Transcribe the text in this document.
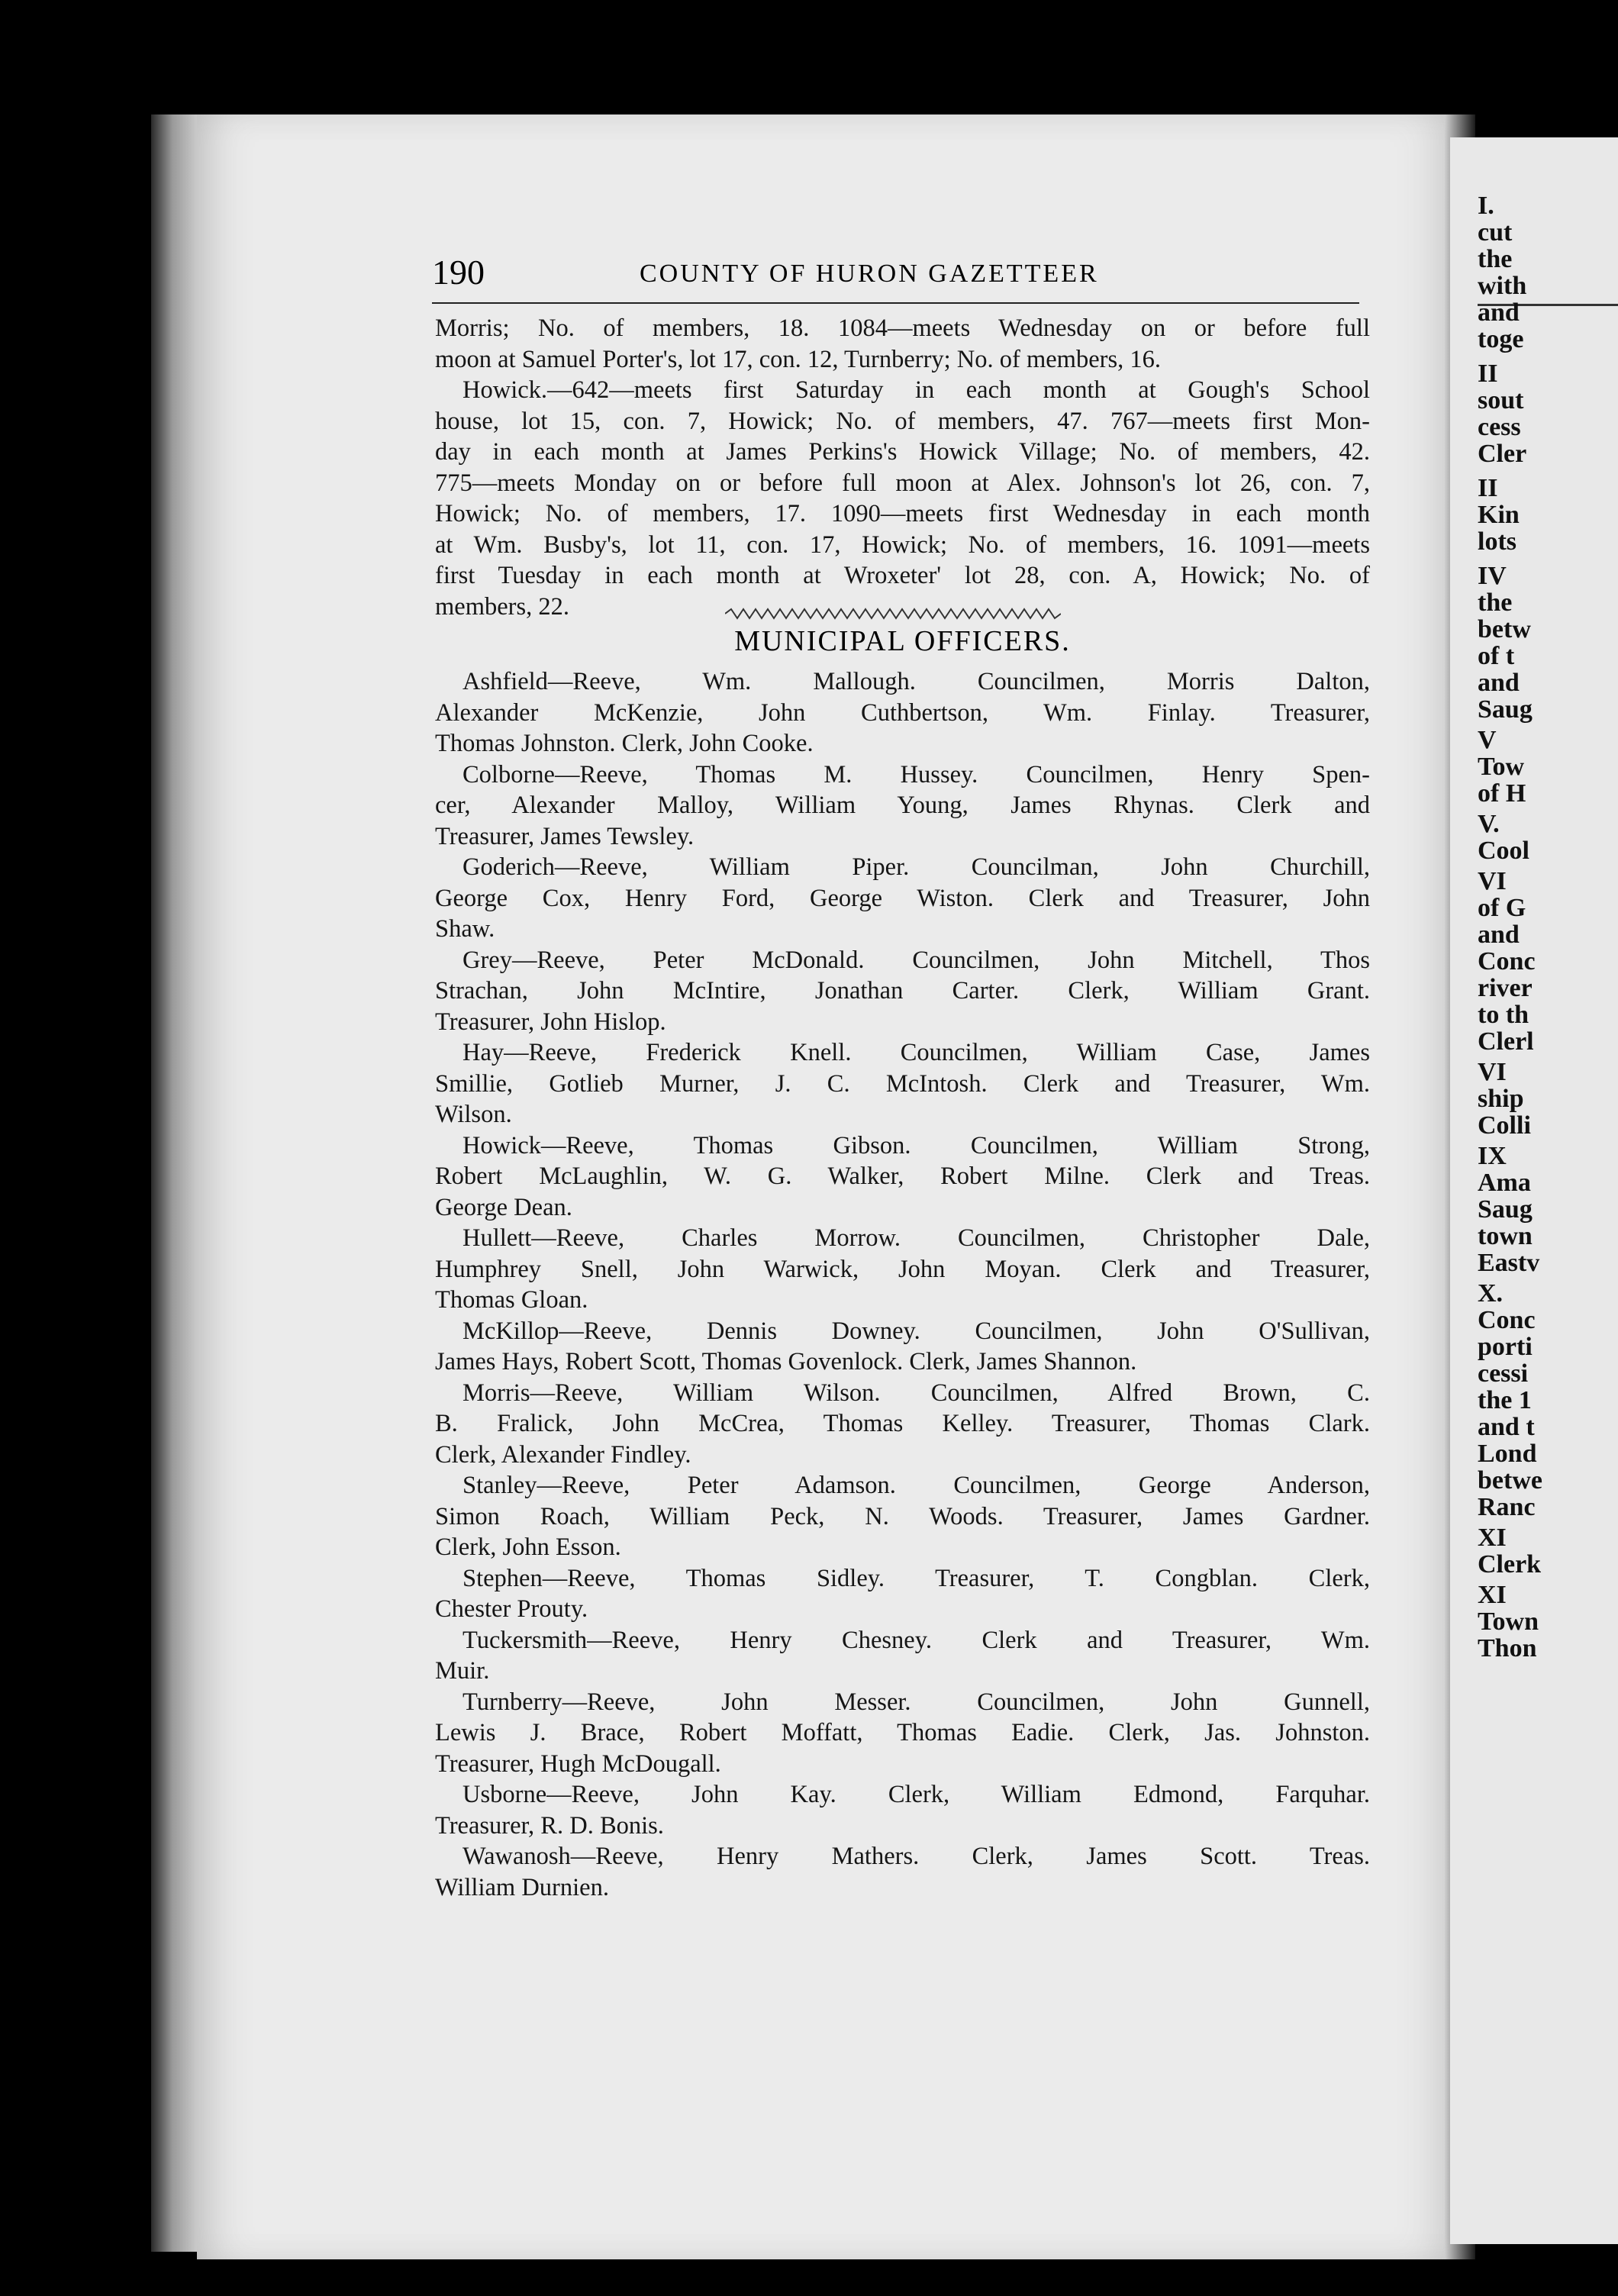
I.
cut
the
with
and
toge
II
sout
cess
Cler
II
Kin
lots
IV
the
betw
of t
and
Saug
V
Tow
of H
V.
Cool
VI
of G
and
Conc
river
to th
Clerl
VI
ship
Colli
IX
Ama
Saug
town
Eastv
X.
Conc
porti
cessi
the 1
and t
Lond
betwe
Ranc
XI
Clerk
XI
Town
Thon
190	COUNTY OF HURON GAZETTEER
Morris; No. of members, 18. 1084—meets Wednesday on or before full
moon at Samuel Porter's, lot 17, con. 12, Turnberry; No. of members, 16.
Howick.—642—meets first Saturday in each month at Gough's School
house, lot 15, con. 7, Howick; No. of members, 47. 767—meets first Mon-
day in each month at James Perkins's Howick Village; No. of members, 42.
775—meets Monday on or before full moon at Alex. Johnson's lot 26, con. 7,
Howick; No. of members, 17. 1090—meets first Wednesday in each month
at Wm. Busby's, lot 11, con. 17, Howick; No. of members, 16. 1091—meets
first Tuesday in each month at Wroxeter' lot 28, con. A, Howick; No. of
members, 22.
MUNICIPAL OFFICERS.
Ashfield—Reeve, Wm. Mallough. Councilmen, Morris Dalton,
Alexander McKenzie, John Cuthbertson, Wm. Finlay. Treasurer,
Thomas Johnston. Clerk, John Cooke.
Colborne—Reeve, Thomas M. Hussey. Councilmen, Henry Spen-
cer, Alexander Malloy, William Young, James Rhynas. Clerk and
Treasurer, James Tewsley.
Goderich—Reeve, William Piper. Councilman, John Churchill,
George Cox, Henry Ford, George Wiston. Clerk and Treasurer, John
Shaw.
Grey—Reeve, Peter McDonald. Councilmen, John Mitchell, Thos
Strachan, John McIntire, Jonathan Carter. Clerk, William Grant.
Treasurer, John Hislop.
Hay—Reeve, Frederick Knell. Councilmen, William Case, James
Smillie, Gotlieb Murner, J. C. McIntosh. Clerk and Treasurer, Wm.
Wilson.
Howick—Reeve, Thomas Gibson. Councilmen, William Strong,
Robert McLaughlin, W. G. Walker, Robert Milne. Clerk and Treas.
George Dean.
Hullett—Reeve, Charles Morrow. Councilmen, Christopher Dale,
Humphrey Snell, John Warwick, John Moyan. Clerk and Treasurer,
Thomas Gloan.
McKillop—Reeve, Dennis Downey. Councilmen, John O'Sullivan,
James Hays, Robert Scott, Thomas Govenlock. Clerk, James Shannon.
Morris—Reeve, William Wilson. Councilmen, Alfred Brown, C.
B. Fralick, John McCrea, Thomas Kelley. Treasurer, Thomas Clark.
Clerk, Alexander Findley.
Stanley—Reeve, Peter Adamson. Councilmen, George Anderson,
Simon Roach, William Peck, N. Woods. Treasurer, James Gardner.
Clerk, John Esson.
Stephen—Reeve, Thomas Sidley. Treasurer, T. Congblan. Clerk,
Chester Prouty.
Tuckersmith—Reeve, Henry Chesney. Clerk and Treasurer, Wm.
Muir.
Turnberry—Reeve, John Messer. Councilmen, John Gunnell,
Lewis J. Brace, Robert Moffatt, Thomas Eadie. Clerk, Jas. Johnston.
Treasurer, Hugh McDougall.
Usborne—Reeve, John Kay. Clerk, William Edmond, Farquhar.
Treasurer, R. D. Bonis.
Wawanosh—Reeve, Henry Mathers. Clerk, James Scott. Treas.
William Durnien.
